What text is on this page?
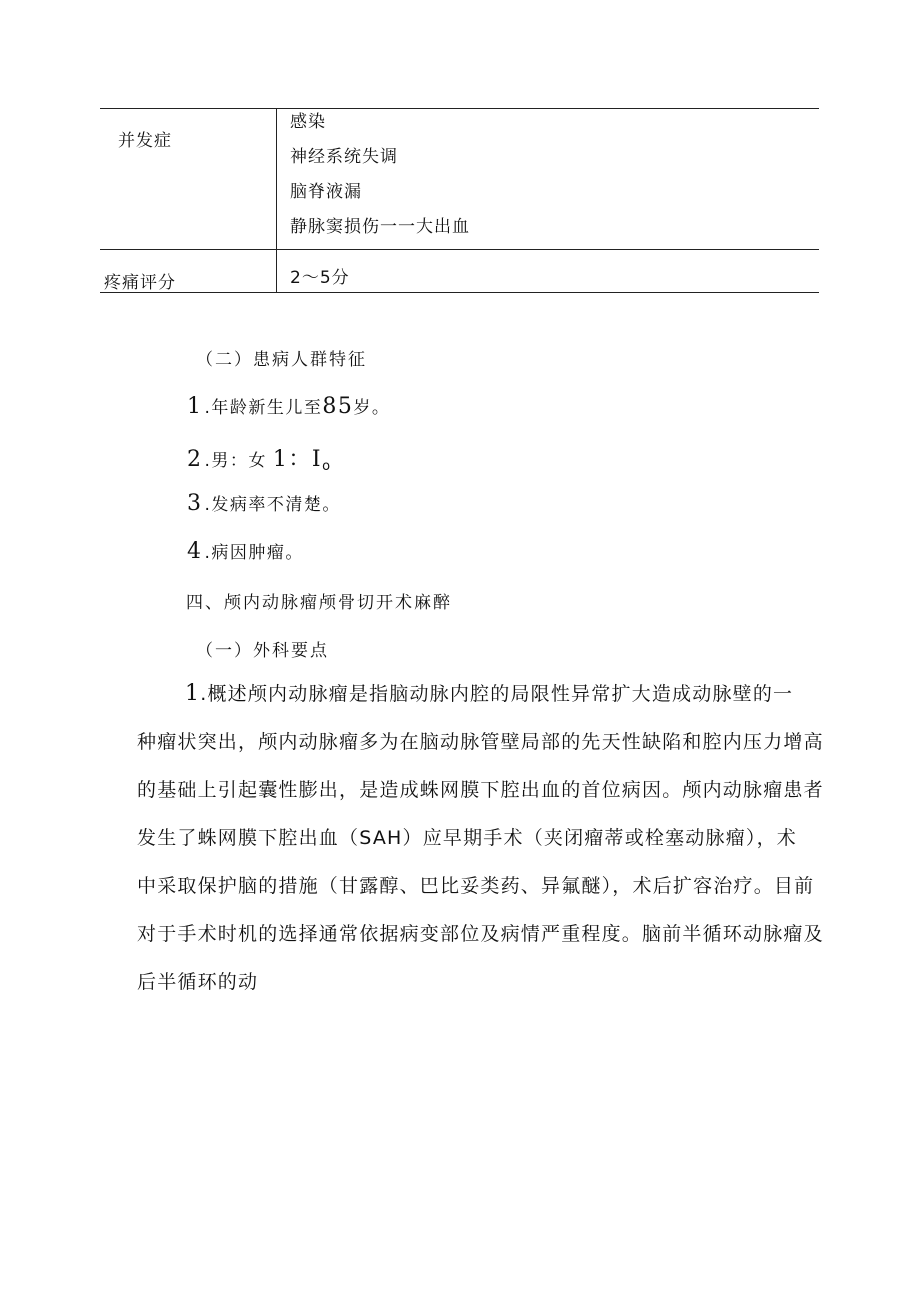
并发症
感染
神经系统失调
脑脊液漏
静脉窦损伤一一大出血
疼痛评分	2～5分
（二）患病人群特征
1 .年龄新生儿至85岁。
2 .男：女 1：$I_o$
3 .发病率不清楚。
4 .病因肿瘤。
四、颅内动脉瘤颅骨切开术麻醉
（一）外科要点
1.概述颅内动脉瘤是指脑动脉内腔的局限性异常扩大造成动脉壁的一
种瘤状突出，颅内动脉瘤多为在脑动脉管壁局部的先天性缺陷和腔内压力增高
的基础上引起囊性膨出，是造成蛛网膜下腔出血的首位病因。颅内动脉瘤患者
发生了蛛网膜下腔出血（SAH）应早期手术（夹闭瘤蒂或栓塞动脉瘤），术
中采取保护脑的措施（甘露醇、巴比妥类药、异氟醚），术后扩容治疗。目前
对于手术时机的选择通常依据病变部位及病情严重程度。脑前半循环动脉瘤及
后半循环的动
